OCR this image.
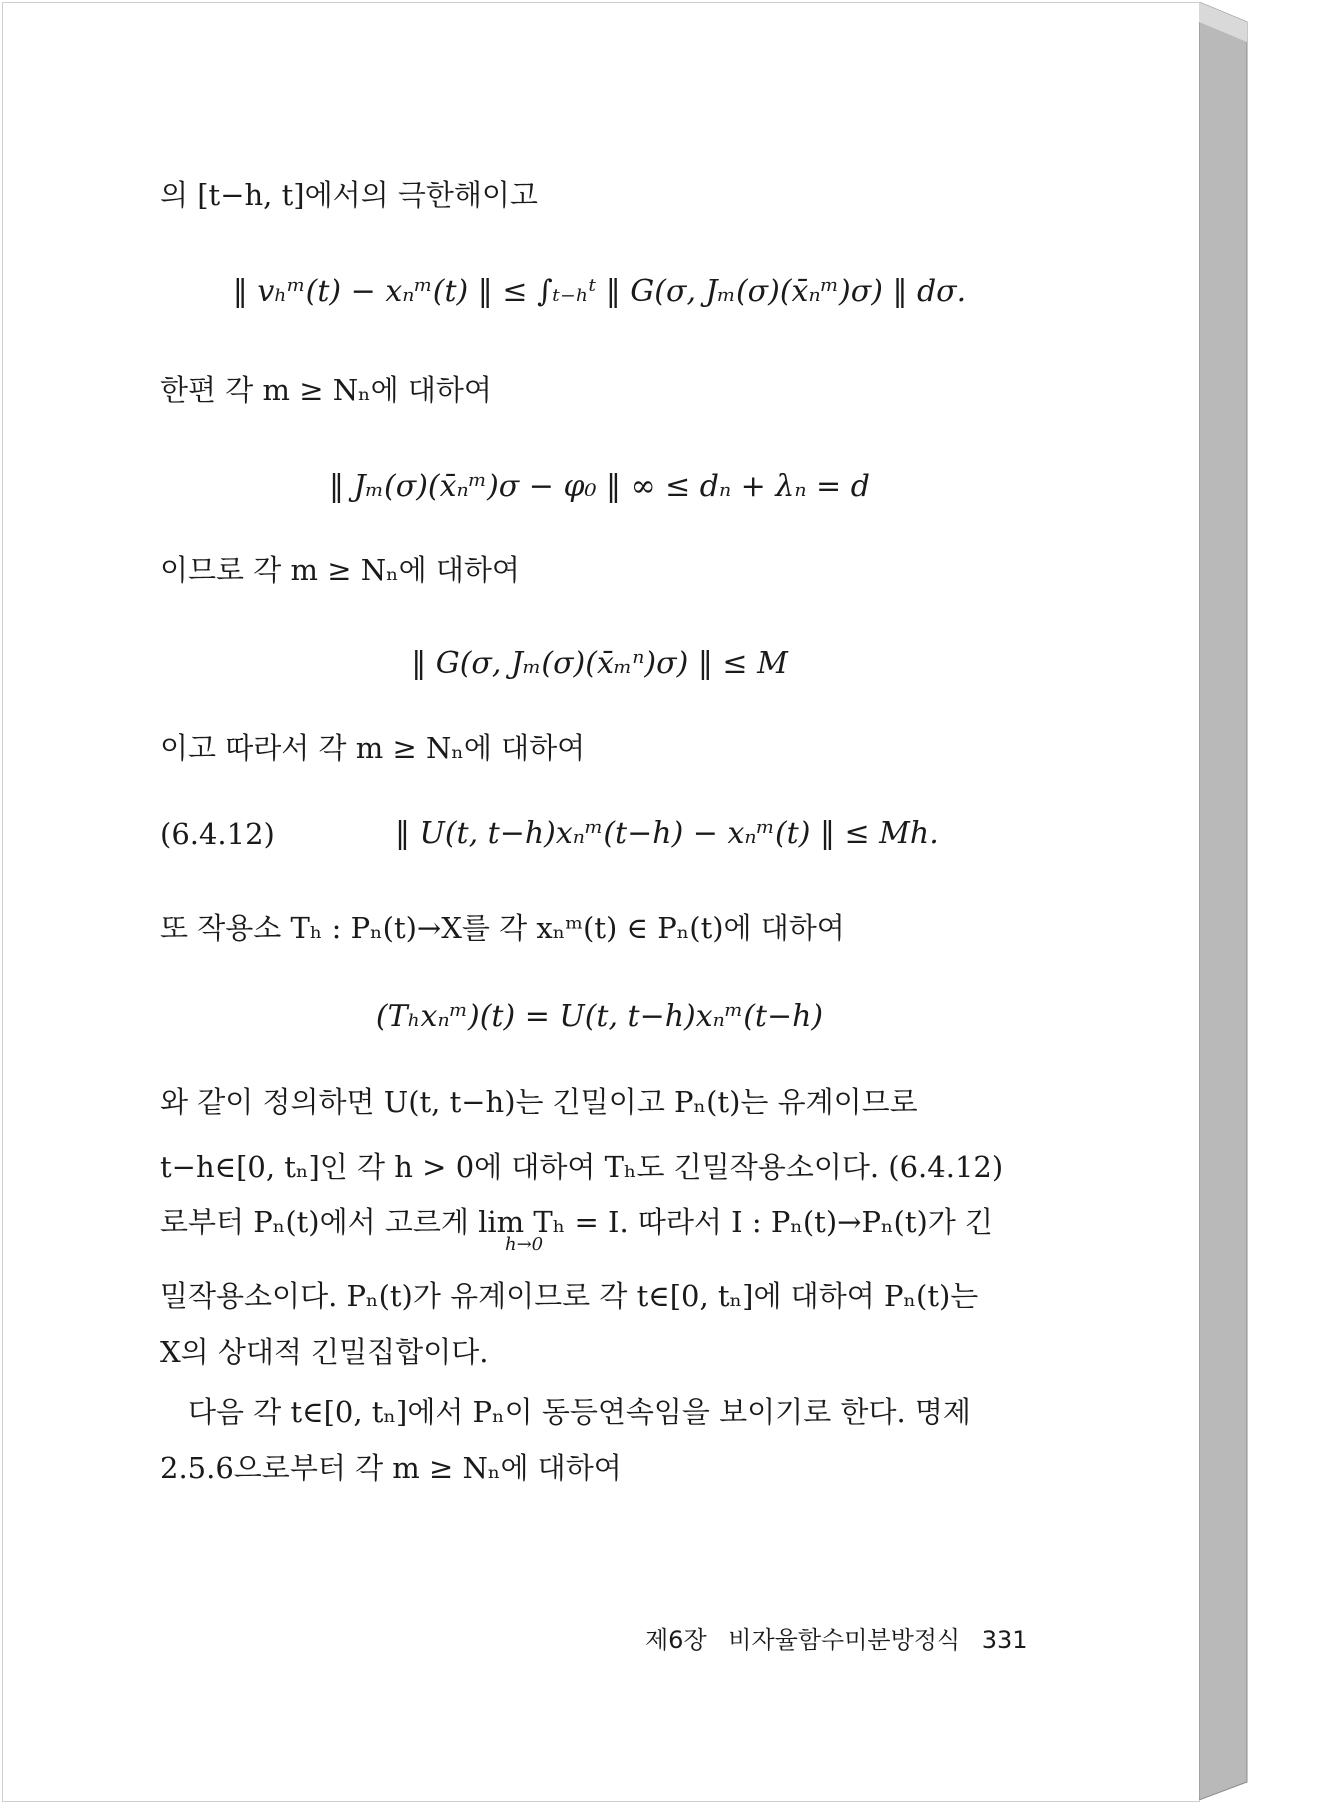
의 [t−h, t]에서의 극한해이고
‖ vₕᵐ(t) − xₙᵐ(t) ‖ ≤ ∫ₜ₋ₕᵗ ‖ G(σ, Jₘ(σ)(x̄ₙᵐ)σ) ‖ dσ.
한편 각 m ≥ Nₙ에 대하여
‖ Jₘ(σ)(x̄ₙᵐ)σ − φ₀ ‖ ∞ ≤ dₙ + λₙ = d
이므로 각 m ≥ Nₙ에 대하여
‖ G(σ, Jₘ(σ)(x̄ₘⁿ)σ) ‖ ≤ M
이고 따라서 각 m ≥ Nₙ에 대하여
(6.4.12)	‖ U(t, t−h)xₙᵐ(t−h) − xₙᵐ(t) ‖ ≤ Mh.
또 작용소 Tₕ : Pₙ(t)→X를 각 xₙᵐ(t) ∈ Pₙ(t)에 대하여
(Tₕxₙᵐ)(t) = U(t, t−h)xₙᵐ(t−h)
와 같이 정의하면 U(t, t−h)는 긴밀이고 Pₙ(t)는 유계이므로
t−h∈[0, tₙ]인 각 h > 0에 대하여 Tₕ도 긴밀작용소이다. (6.4.12)
로부터 Pₙ(t)에서 고르게 lim Tₕ = I. 따라서 I : Pₙ(t)→Pₙ(t)가 긴
h→0
밀작용소이다. Pₙ(t)가 유계이므로 각 t∈[0, tₙ]에 대하여 Pₙ(t)는
X의 상대적 긴밀집합이다.
다음 각 t∈[0, tₙ]에서 Pₙ이 동등연속임을 보이기로 한다. 명제
2.5.6으로부터 각 m ≥ Nₙ에 대하여
제6장 비자율함수미분방정식 331
